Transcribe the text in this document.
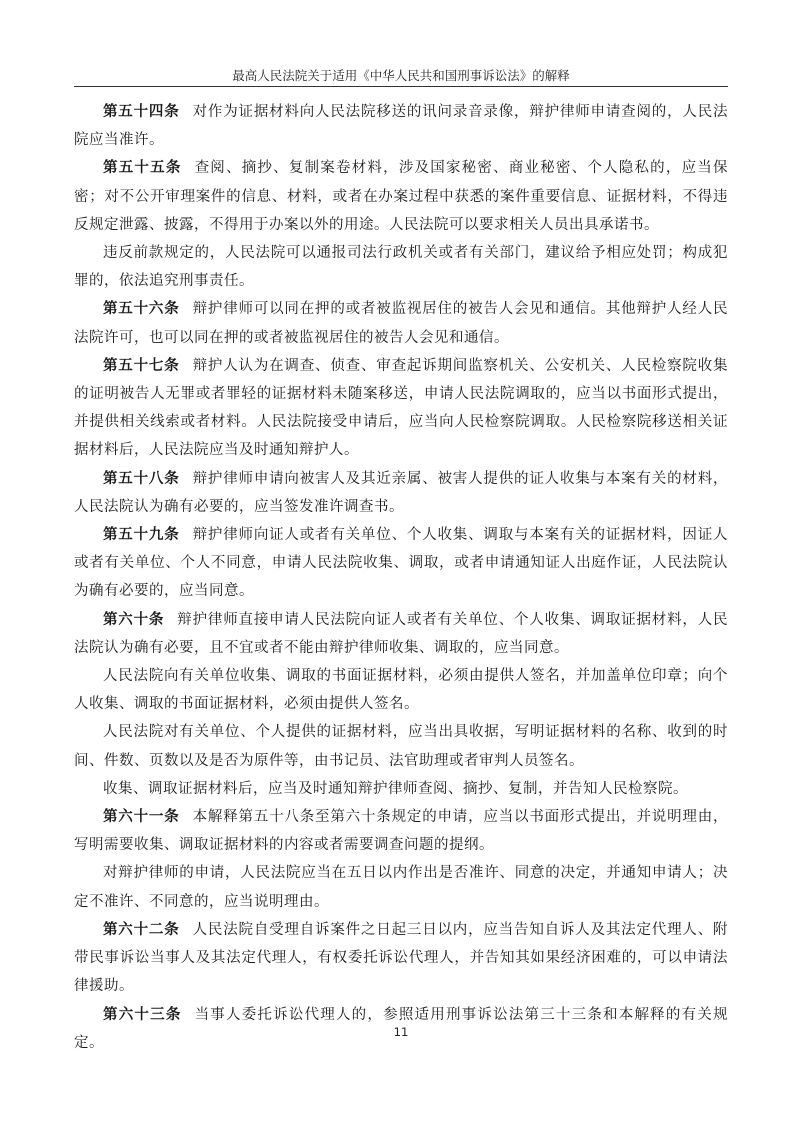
最高人民法院关于适用《中华人民共和国刑事诉讼法》的解释

第五十四条 对作为证据材料向人民法院移送的讯问录音录像，辩护律师申请查阅的，人民法院应当准许。

第五十五条 查阅、摘抄、复制案卷材料，涉及国家秘密、商业秘密、个人隐私的，应当保密；对不公开审理案件的信息、材料，或者在办案过程中获悉的案件重要信息、证据材料，不得违反规定泄露、披露，不得用于办案以外的用途。人民法院可以要求相关人员出具承诺书。

违反前款规定的，人民法院可以通报司法行政机关或者有关部门，建议给予相应处罚；构成犯罪的，依法追究刑事责任。

第五十六条 辩护律师可以同在押的或者被监视居住的被告人会见和通信。其他辩护人经人民法院许可，也可以同在押的或者被监视居住的被告人会见和通信。

第五十七条 辩护人认为在调查、侦查、审查起诉期间监察机关、公安机关、人民检察院收集的证明被告人无罪或者罪轻的证据材料未随案移送，申请人民法院调取的，应当以书面形式提出，并提供相关线索或者材料。人民法院接受申请后，应当向人民检察院调取。人民检察院移送相关证据材料后，人民法院应当及时通知辩护人。

第五十八条 辩护律师申请向被害人及其近亲属、被害人提供的证人收集与本案有关的材料，人民法院认为确有必要的，应当签发准许调查书。

第五十九条 辩护律师向证人或者有关单位、个人收集、调取与本案有关的证据材料，因证人或者有关单位、个人不同意，申请人民法院收集、调取，或者申请通知证人出庭作证，人民法院认为确有必要的，应当同意。

第六十条 辩护律师直接申请人民法院向证人或者有关单位、个人收集、调取证据材料，人民法院认为确有必要，且不宜或者不能由辩护律师收集、调取的，应当同意。

人民法院向有关单位收集、调取的书面证据材料，必须由提供人签名，并加盖单位印章；向个人收集、调取的书面证据材料，必须由提供人签名。

人民法院对有关单位、个人提供的证据材料，应当出具收据，写明证据材料的名称、收到的时间、件数、页数以及是否为原件等，由书记员、法官助理或者审判人员签名。

收集、调取证据材料后，应当及时通知辩护律师查阅、摘抄、复制，并告知人民检察院。

第六十一条 本解释第五十八条至第六十条规定的申请，应当以书面形式提出，并说明理由，写明需要收集、调取证据材料的内容或者需要调查问题的提纲。

对辩护律师的申请，人民法院应当在五日以内作出是否准许、同意的决定，并通知申请人；决定不准许、不同意的，应当说明理由。

第六十二条 人民法院自受理自诉案件之日起三日以内，应当告知自诉人及其法定代理人、附带民事诉讼当事人及其法定代理人，有权委托诉讼代理人，并告知其如果经济困难的，可以申请法律援助。

第六十三条 当事人委托诉讼代理人的，参照适用刑事诉讼法第三十三条和本解释的有关规定。

11
